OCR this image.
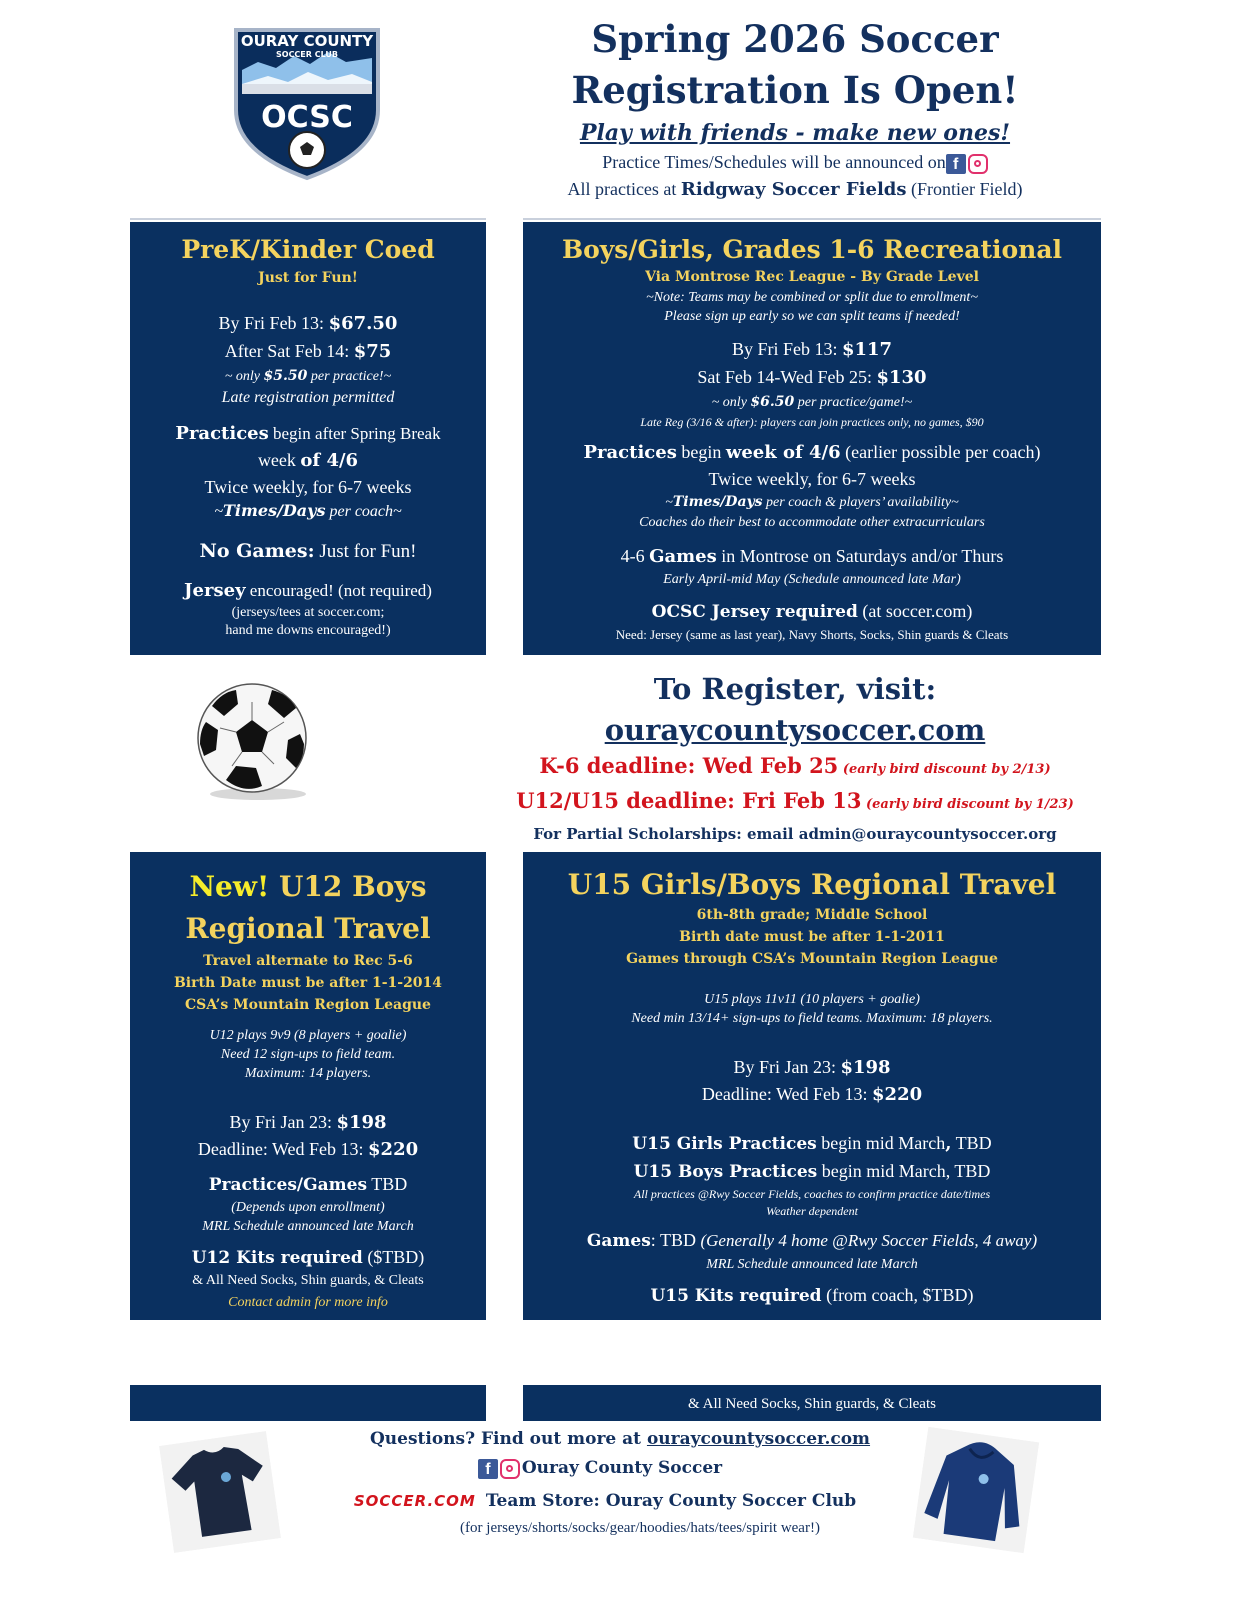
OURAY COUNTY
SOCCER CLUB
OCSC
Spring 2026 Soccer
Registration Is Open!
Play with friends - make new ones!
Practice Times/Schedules will be announced on f
All practices at Ridgway Soccer Fields (Frontier Field)

PreK/Kinder Coed

Just for Fun!

By Fri Feb 13: $67.50

After Sat Feb 14: $75

~ only $5.50 per practice!~

Late registration permitted

Practices begin after Spring Break

week of 4/6

Twice weekly, for 6-7 weeks

~Times/Days per coach~

No Games: Just for Fun!

Jersey encouraged! (not required)

(jerseys/tees at soccer.com;

hand me downs encouraged!)

Boys/Girls, Grades 1-6 Recreational

Via Montrose Rec League - By Grade Level

~Note: Teams may be combined or split due to enrollment~

Please sign up early so we can split teams if needed!

By Fri Feb 13: $117

Sat Feb 14-Wed Feb 25: $130

~ only $6.50 per practice/game!~

Late Reg (3/16 & after): players can join practices only, no games, $90

Practices begin week of 4/6 (earlier possible per coach)

Twice weekly, for 6-7 weeks

~Times/Days per coach & players’ availability~

Coaches do their best to accommodate other extracurriculars

4-6 Games in Montrose on Saturdays and/or Thurs

Early April-mid May (Schedule announced late Mar)

OCSC Jersey required (at soccer.com)

Need: Jersey (same as last year), Navy Shorts, Socks, Shin guards & Cleats

To Register, visit:
ouraycountysoccer.com
K-6 deadline: Wed Feb 25 (early bird discount by 2/13)
U12/U15 deadline: Fri Feb 13 (early bird discount by 1/23)
For Partial Scholarships: email admin@ouraycountysoccer.org

New! U12 Boys

Regional Travel

Travel alternate to Rec 5-6

Birth Date must be after 1-1-2014

CSA’s Mountain Region League

U12 plays 9v9 (8 players + goalie)

Need 12 sign-ups to field team.

Maximum: 14 players.

By Fri Jan 23: $198

Deadline: Wed Feb 13: $220

Practices/Games TBD

(Depends upon enrollment)

MRL Schedule announced late March

U12 Kits required ($TBD)

& All Need Socks, Shin guards, & Cleats

Contact admin for more info

U15 Girls/Boys Regional Travel

6th-8th grade; Middle School

Birth date must be after 1-1-2011

Games through CSA’s Mountain Region League

U15 plays 11v11 (10 players + goalie)

Need min 13/14+ sign-ups to field teams. Maximum: 18 players.

By Fri Jan 23: $198

Deadline: Wed Feb 13: $220

U15 Girls Practices begin mid March, TBD

U15 Boys Practices begin mid March, TBD

All practices @Rwy Soccer Fields, coaches to confirm practice date/times

Weather dependent

Games: TBD (Generally 4 home @Rwy Soccer Fields, 4 away)

MRL Schedule announced late March

U15 Kits required (from coach, $TBD)

& All Need Socks, Shin guards, & Cleats
Questions? Find out more at ouraycountysoccer.com
f Ouray County Soccer
SOCCER.COM Team Store: Ouray County Soccer Club
(for jerseys/shorts/socks/gear/hoodies/hats/tees/spirit wear!)
